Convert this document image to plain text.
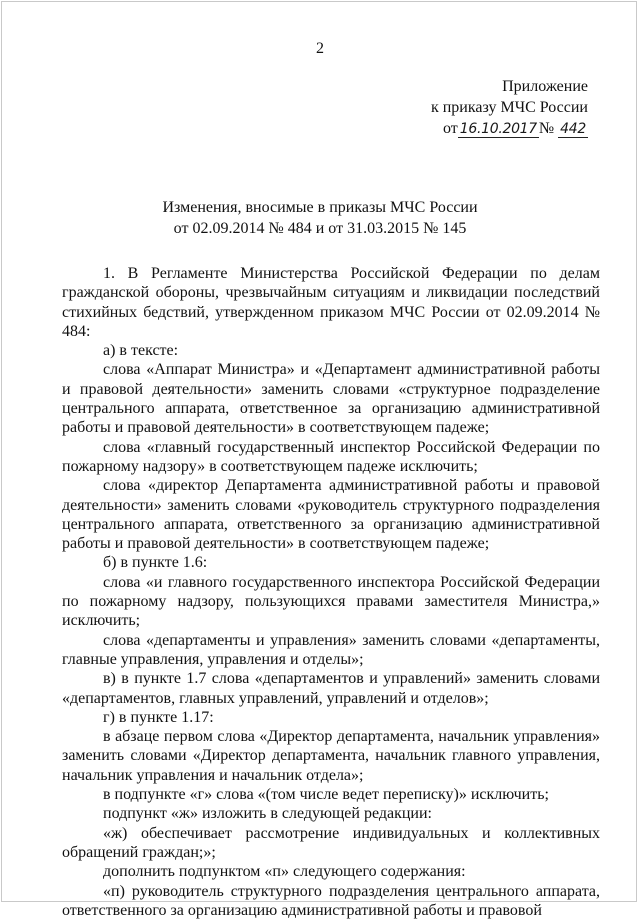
2
Приложение
к приказу МЧС России
от 16.10.2017 № 442
Изменения, вносимые в приказы МЧС России
от 02.09.2014 № 484 и от 31.03.2015 № 145

1. В Регламенте Министерства Российской Федерации по делам гражданской обороны, чрезвычайным ситуациям и ликвидации последствий стихийных бедствий, утвержденном приказом МЧС России от 02.09.2014 № 484:

а) в тексте:

слова «Аппарат Министра» и «Департамент административной работы и правовой деятельности» заменить словами «структурное подразделение центрального аппарата, ответственное за организацию административной работы и правовой деятельности» в соответствующем падеже;

слова «главный государственный инспектор Российской Федерации по пожарному надзору» в соответствующем падеже исключить;

слова «директор Департамента административной работы и правовой деятельности» заменить словами «руководитель структурного подразделения центрального аппарата, ответственного за организацию административной работы и правовой деятельности» в соответствующем падеже;

б) в пункте 1.6:

слова «и главного государственного инспектора Российской Федерации по пожарному надзору, пользующихся правами заместителя Министра,» исключить;

слова «департаменты и управления» заменить словами «департаменты, главные управления, управления и отделы»;

в) в пункте 1.7 слова «департаментов и управлений» заменить словами «департаментов, главных управлений, управлений и отделов»;

г) в пункте 1.17:

в абзаце первом слова «Директор департамента, начальник управления» заменить словами «Директор департамента, начальник главного управления, начальник управления и начальник отдела»;

в подпункте «г» слова «(том числе ведет переписку)» исключить;

подпункт «ж» изложить в следующей редакции:

«ж) обеспечивает рассмотрение индивидуальных и коллективных обращений граждан;»;

дополнить подпунктом «п» следующего содержания:

«п) руководитель структурного подразделения центрального аппарата, ответственного за организацию административной работы и правовой
